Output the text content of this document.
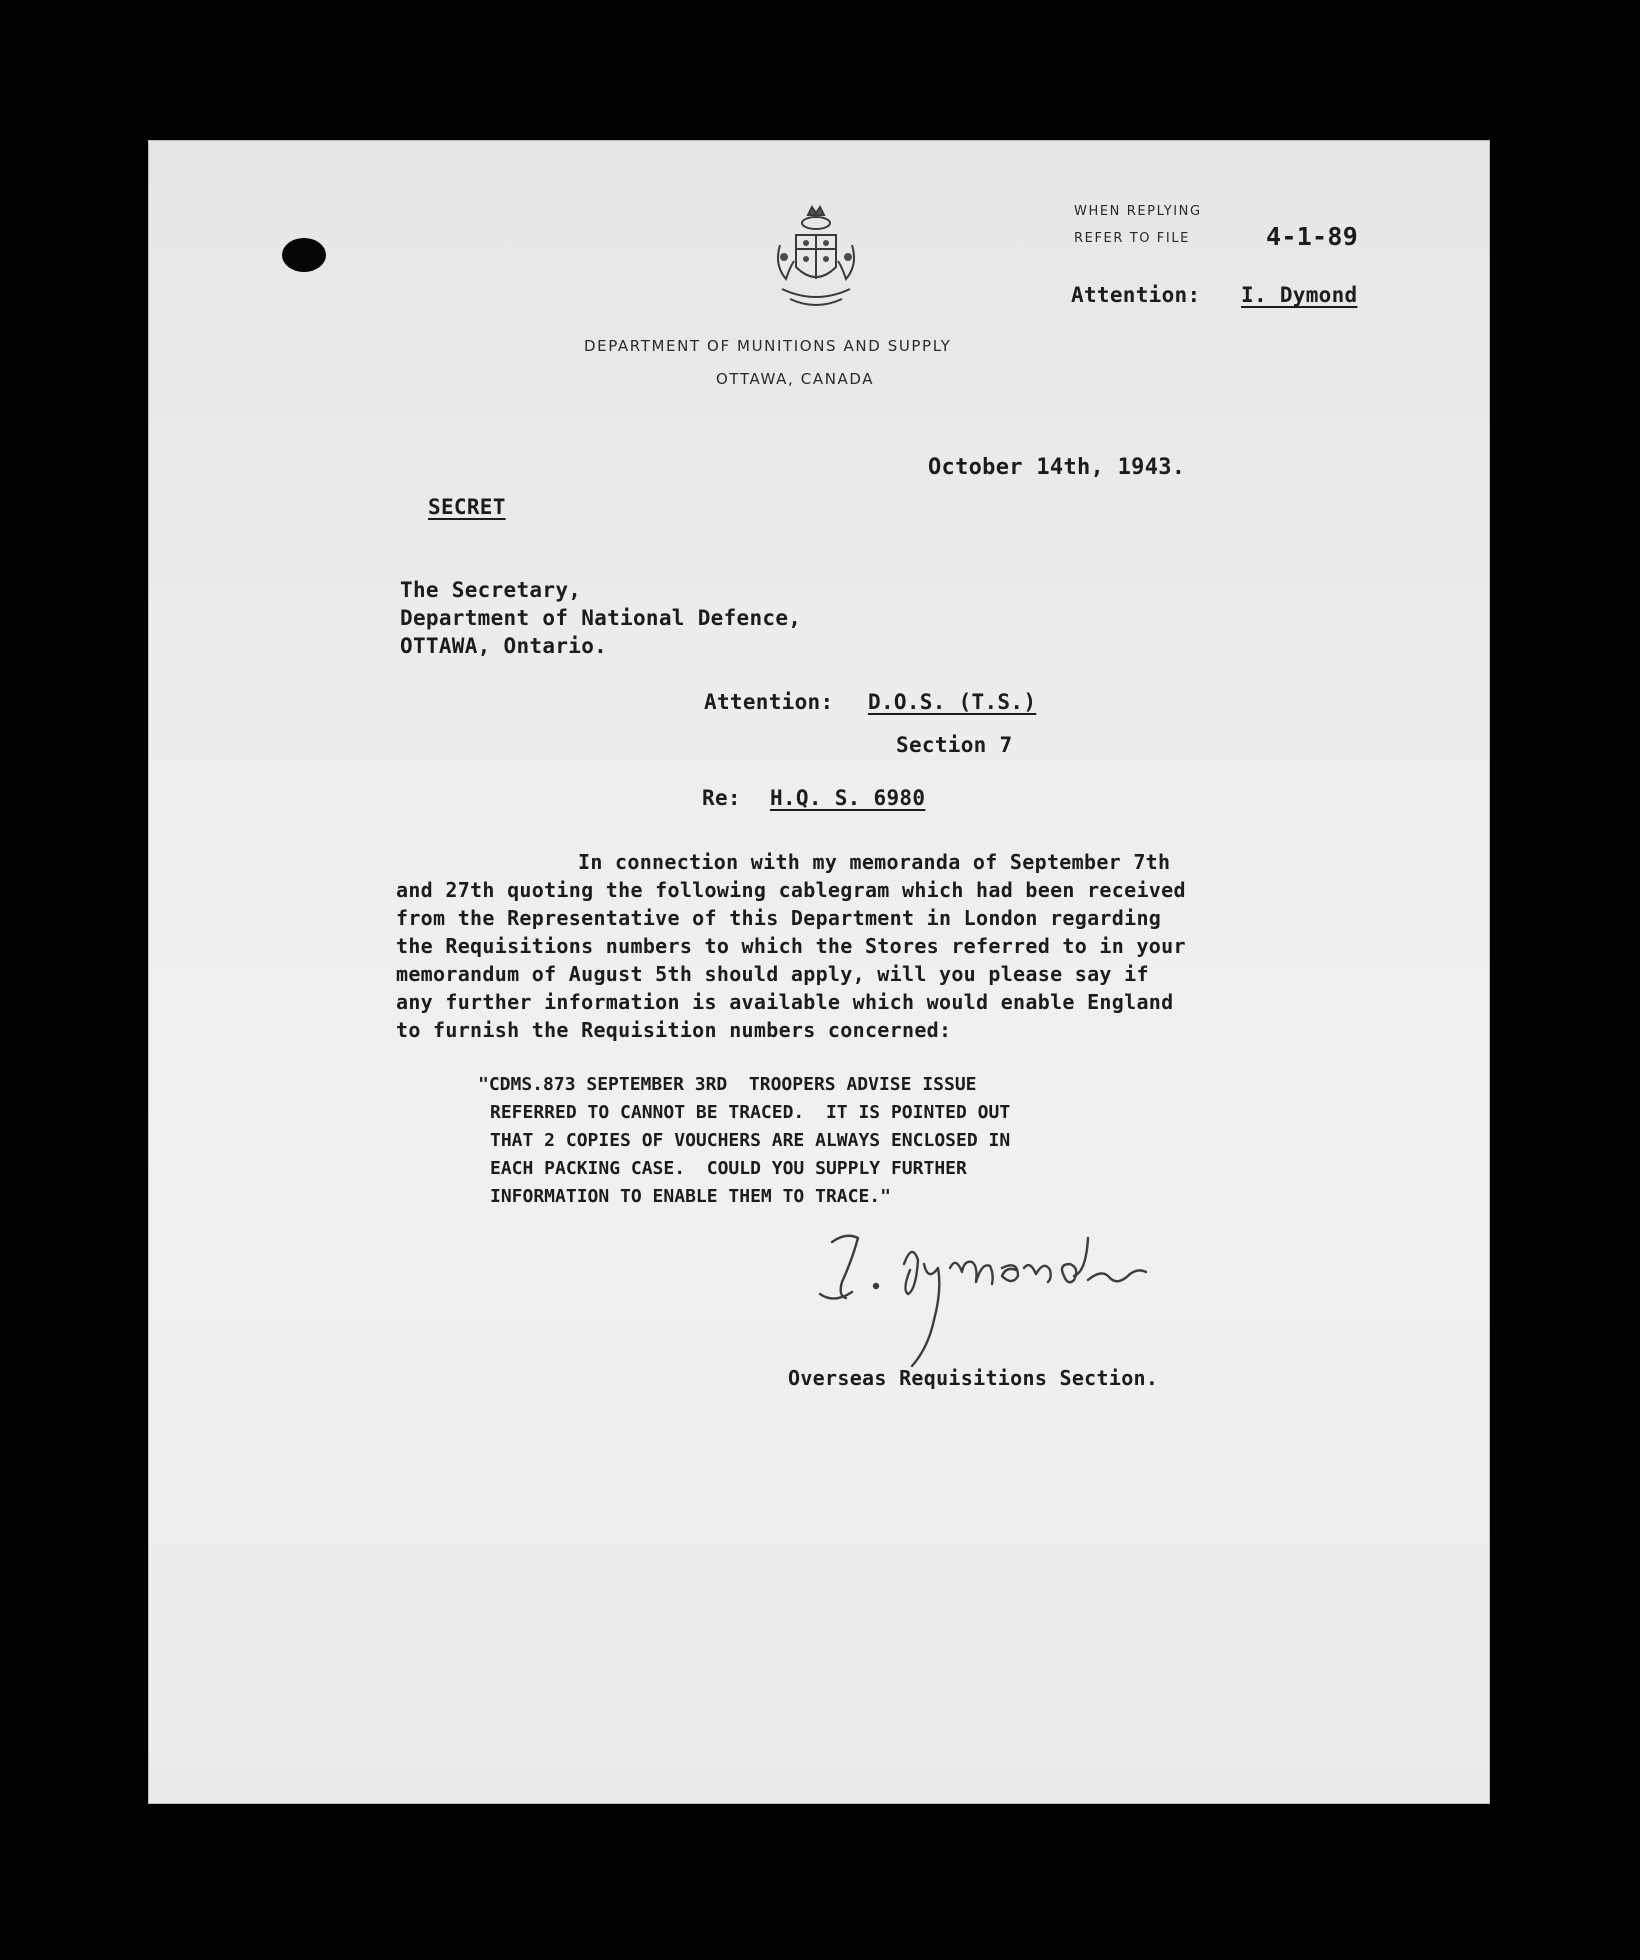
WHEN REPLYING
REFER TO FILE	4-1-89
Attention: I. Dymond
DEPARTMENT OF MUNITIONS AND SUPPLY
OTTAWA, CANADA
October 14th, 1943.
SECRET
The Secretary,
Department of National Defence,
OTTAWA, Ontario.
Attention: D.O.S. (T.S.)
Section 7
Re: H.Q. S. 6980
In connection with my memoranda of September 7th
and 27th quoting the following cablegram which had been received
from the Representative of this Department in London regarding
the Requisitions numbers to which the Stores referred to in your
memorandum of August 5th should apply, will you please say if
any further information is available which would enable England
to furnish the Requisition numbers concerned:
"CDMS.873 SEPTEMBER 3RD  TROOPERS ADVISE ISSUE
REFERRED TO CANNOT BE TRACED.  IT IS POINTED OUT
THAT 2 COPIES OF VOUCHERS ARE ALWAYS ENCLOSED IN
EACH PACKING CASE.  COULD YOU SUPPLY FURTHER
INFORMATION TO ENABLE THEM TO TRACE."
Overseas Requisitions Section.
